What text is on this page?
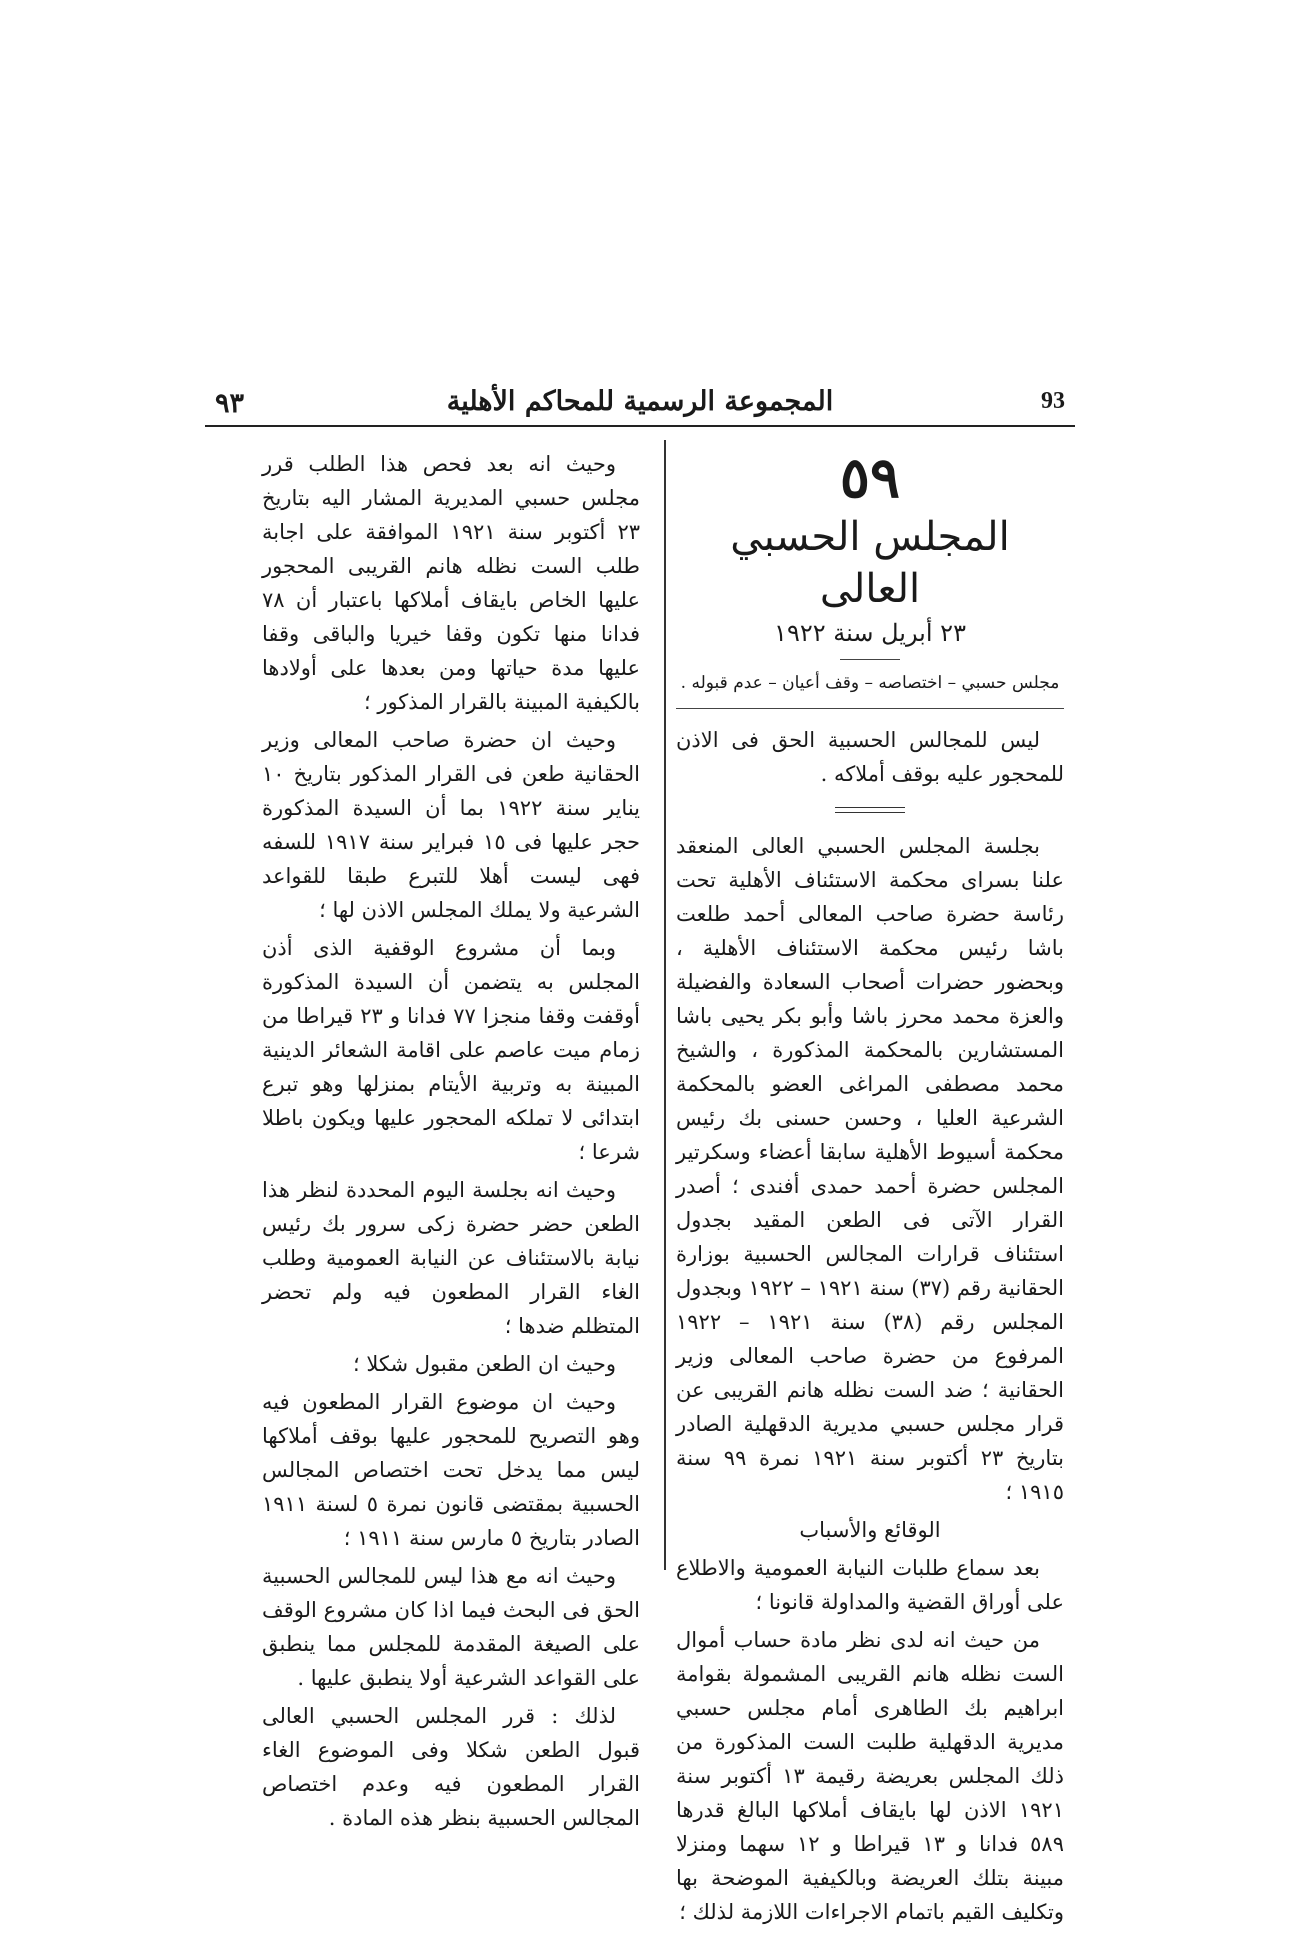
٩٣	المجموعة الرسمية للمحاكم الأهلية	93
٥٩
المجلس الحسبي العالى
٢٣ أبريل سنة ١٩٢٢
مجلس حسبي – اختصاصه – وقف أعيان – عدم قبوله .

ليس للمجالس الحسبية الحق فى الاذن للمحجور عليه بوقف أملاكه .

بجلسة المجلس الحسبي العالى المنعقد علنا بسراى محكمة الاستئناف الأهلية تحت رئاسة حضرة صاحب المعالى أحمد طلعت باشا رئيس محكمة الاستئناف الأهلية ، وبحضور حضرات أصحاب السعادة والفضيلة والعزة محمد محرز باشا وأبو بكر يحيى باشا المستشارين بالمحكمة المذكورة ، والشيخ محمد مصطفى المراغى العضو بالمحكمة الشرعية العليا ، وحسن حسنى بك رئيس محكمة أسيوط الأهلية سابقا أعضاء وسكرتير المجلس حضرة أحمد حمدى أفندى ؛ أصدر القرار الآتى فى الطعن المقيد بجدول استئناف قرارات المجالس الحسبية بوزارة الحقانية رقم (٣٧) سنة ١٩٢١ – ١٩٢٢ وبجدول المجلس رقم (٣٨) سنة ١٩٢١ – ١٩٢٢ المرفوع من حضرة صاحب المعالى وزير الحقانية ؛ ضد الست نظله هانم القريبى عن قرار مجلس حسبي مديرية الدقهلية الصادر بتاريخ ٢٣ أكتوبر سنة ١٩٢١ نمرة ٩٩ سنة ١٩١٥ ؛

الوقائع والأسباب

بعد سماع طلبات النيابة العمومية والاطلاع على أوراق القضية والمداولة قانونا ؛

من حيث انه لدى نظر مادة حساب أموال الست نظله هانم القريبى المشمولة بقوامة ابراهيم بك الطاهرى أمام مجلس حسبي مديرية الدقهلية طلبت الست المذكورة من ذلك المجلس بعريضة رقيمة ١٣ أكتوبر سنة ١٩٢١ الاذن لها بايقاف أملاكها البالغ قدرها ٥٨٩ فدانا و ١٣ قيراطا و ١٢ سهما ومنزلا مبينة بتلك العريضة وبالكيفية الموضحة بها وتكليف القيم باتمام الاجراءات اللازمة لذلك ؛

وحيث انه بعد فحص هذا الطلب قرر مجلس حسبي المديرية المشار اليه بتاريخ ٢٣ أكتوبر سنة ١٩٢١ الموافقة على اجابة طلب الست نظله هانم القريبى المحجور عليها الخاص بايقاف أملاكها باعتبار أن ٧٨ فدانا منها تكون وقفا خيريا والباقى وقفا عليها مدة حياتها ومن بعدها على أولادها بالكيفية المبينة بالقرار المذكور ؛

وحيث ان حضرة صاحب المعالى وزير الحقانية طعن فى القرار المذكور بتاريخ ١٠ يناير سنة ١٩٢٢ بما أن السيدة المذكورة حجر عليها فى ١٥ فبراير سنة ١٩١٧ للسفه فهى ليست أهلا للتبرع طبقا للقواعد الشرعية ولا يملك المجلس الاذن لها ؛

وبما أن مشروع الوقفية الذى أذن المجلس به يتضمن أن السيدة المذكورة أوقفت وقفا منجزا ٧٧ فدانا و ٢٣ قيراطا من زمام ميت عاصم على اقامة الشعائر الدينية المبينة به وتربية الأيتام بمنزلها وهو تبرع ابتدائى لا تملكه المحجور عليها ويكون باطلا شرعا ؛

وحيث انه بجلسة اليوم المحددة لنظر هذا الطعن حضر حضرة زكى سرور بك رئيس نيابة بالاستئناف عن النيابة العمومية وطلب الغاء القرار المطعون فيه ولم تحضر المتظلم ضدها ؛

وحيث ان الطعن مقبول شكلا ؛

وحيث ان موضوع القرار المطعون فيه وهو التصريح للمحجور عليها بوقف أملاكها ليس مما يدخل تحت اختصاص المجالس الحسبية بمقتضى قانون نمرة ٥ لسنة ١٩١١ الصادر بتاريخ ٥ مارس سنة ١٩١١ ؛

وحيث انه مع هذا ليس للمجالس الحسبية الحق فى البحث فيما اذا كان مشروع الوقف على الصيغة المقدمة للمجلس مما ينطبق على القواعد الشرعية أولا ينطبق عليها .

لذلك : قرر المجلس الحسبي العالى قبول الطعن شكلا وفى الموضوع الغاء القرار المطعون فيه وعدم اختصاص المجالس الحسبية بنظر هذه المادة .
